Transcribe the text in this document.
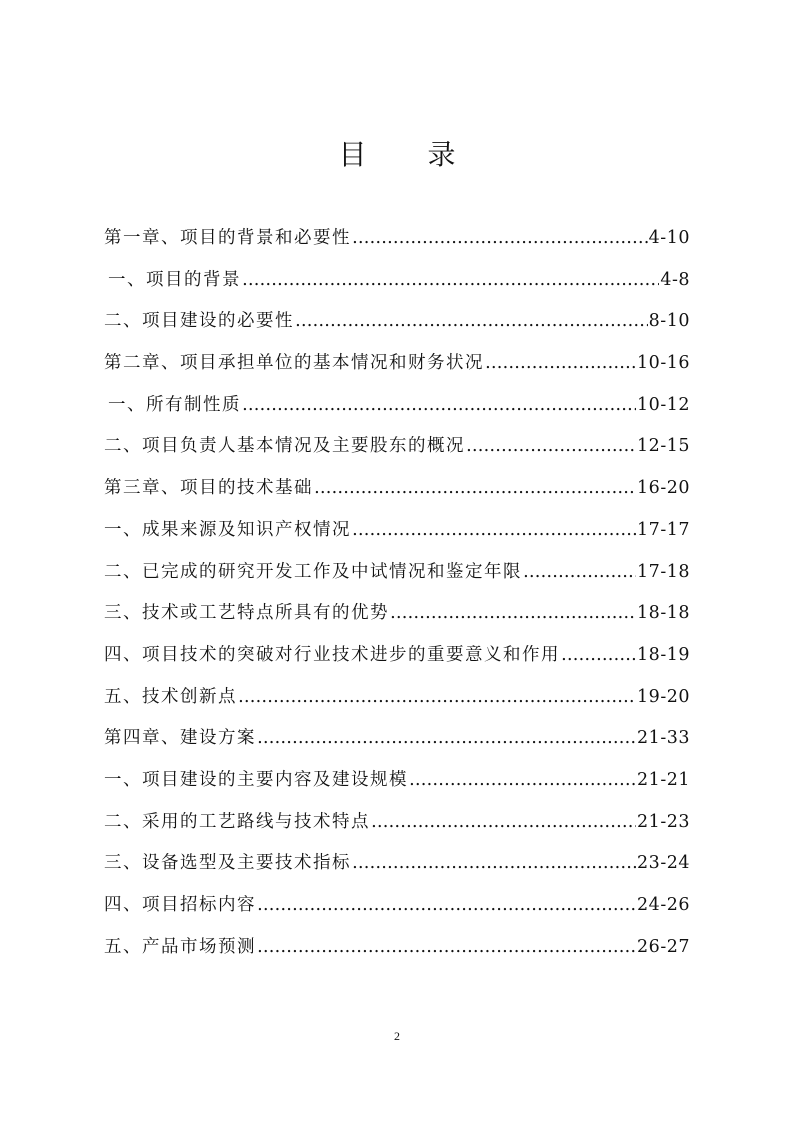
目 录
第一章、项目的背景和必要性 ……………………………………………………………………………………………………………………………………………………	4-10
一、项目的背景 ……………………………………………………………………………………………………………………………………………………	4-8
二、项目建设的必要性 ……………………………………………………………………………………………………………………………………………………	8-10
第二章、项目承担单位的基本情况和财务状况 ……………………………………………………………………………………………………………………………………………………	10-16
一、所有制性质 ……………………………………………………………………………………………………………………………………………………	10-12
二、项目负责人基本情况及主要股东的概况 ……………………………………………………………………………………………………………………………………………………	12-15
第三章、项目的技术基础 ……………………………………………………………………………………………………………………………………………………	16-20
一、成果来源及知识产权情况 ……………………………………………………………………………………………………………………………………………………	17-17
二、已完成的研究开发工作及中试情况和鉴定年限 ……………………………………………………………………………………………………………………………………………………	17-18
三、技术或工艺特点所具有的优势 ……………………………………………………………………………………………………………………………………………………	18-18
四、项目技术的突破对行业技术进步的重要意义和作用 ……………………………………………………………………………………………………………………………………………………	18-19
五、技术创新点 ……………………………………………………………………………………………………………………………………………………	19-20
第四章、建设方案 ……………………………………………………………………………………………………………………………………………………	21-33
一、项目建设的主要内容及建设规模 ……………………………………………………………………………………………………………………………………………………	21-21
二、采用的工艺路线与技术特点 ……………………………………………………………………………………………………………………………………………………	21-23
三、设备选型及主要技术指标 ……………………………………………………………………………………………………………………………………………………	23-24
四、项目招标内容 ……………………………………………………………………………………………………………………………………………………	24-26
五、产品市场预测 ……………………………………………………………………………………………………………………………………………………	26-27
2
